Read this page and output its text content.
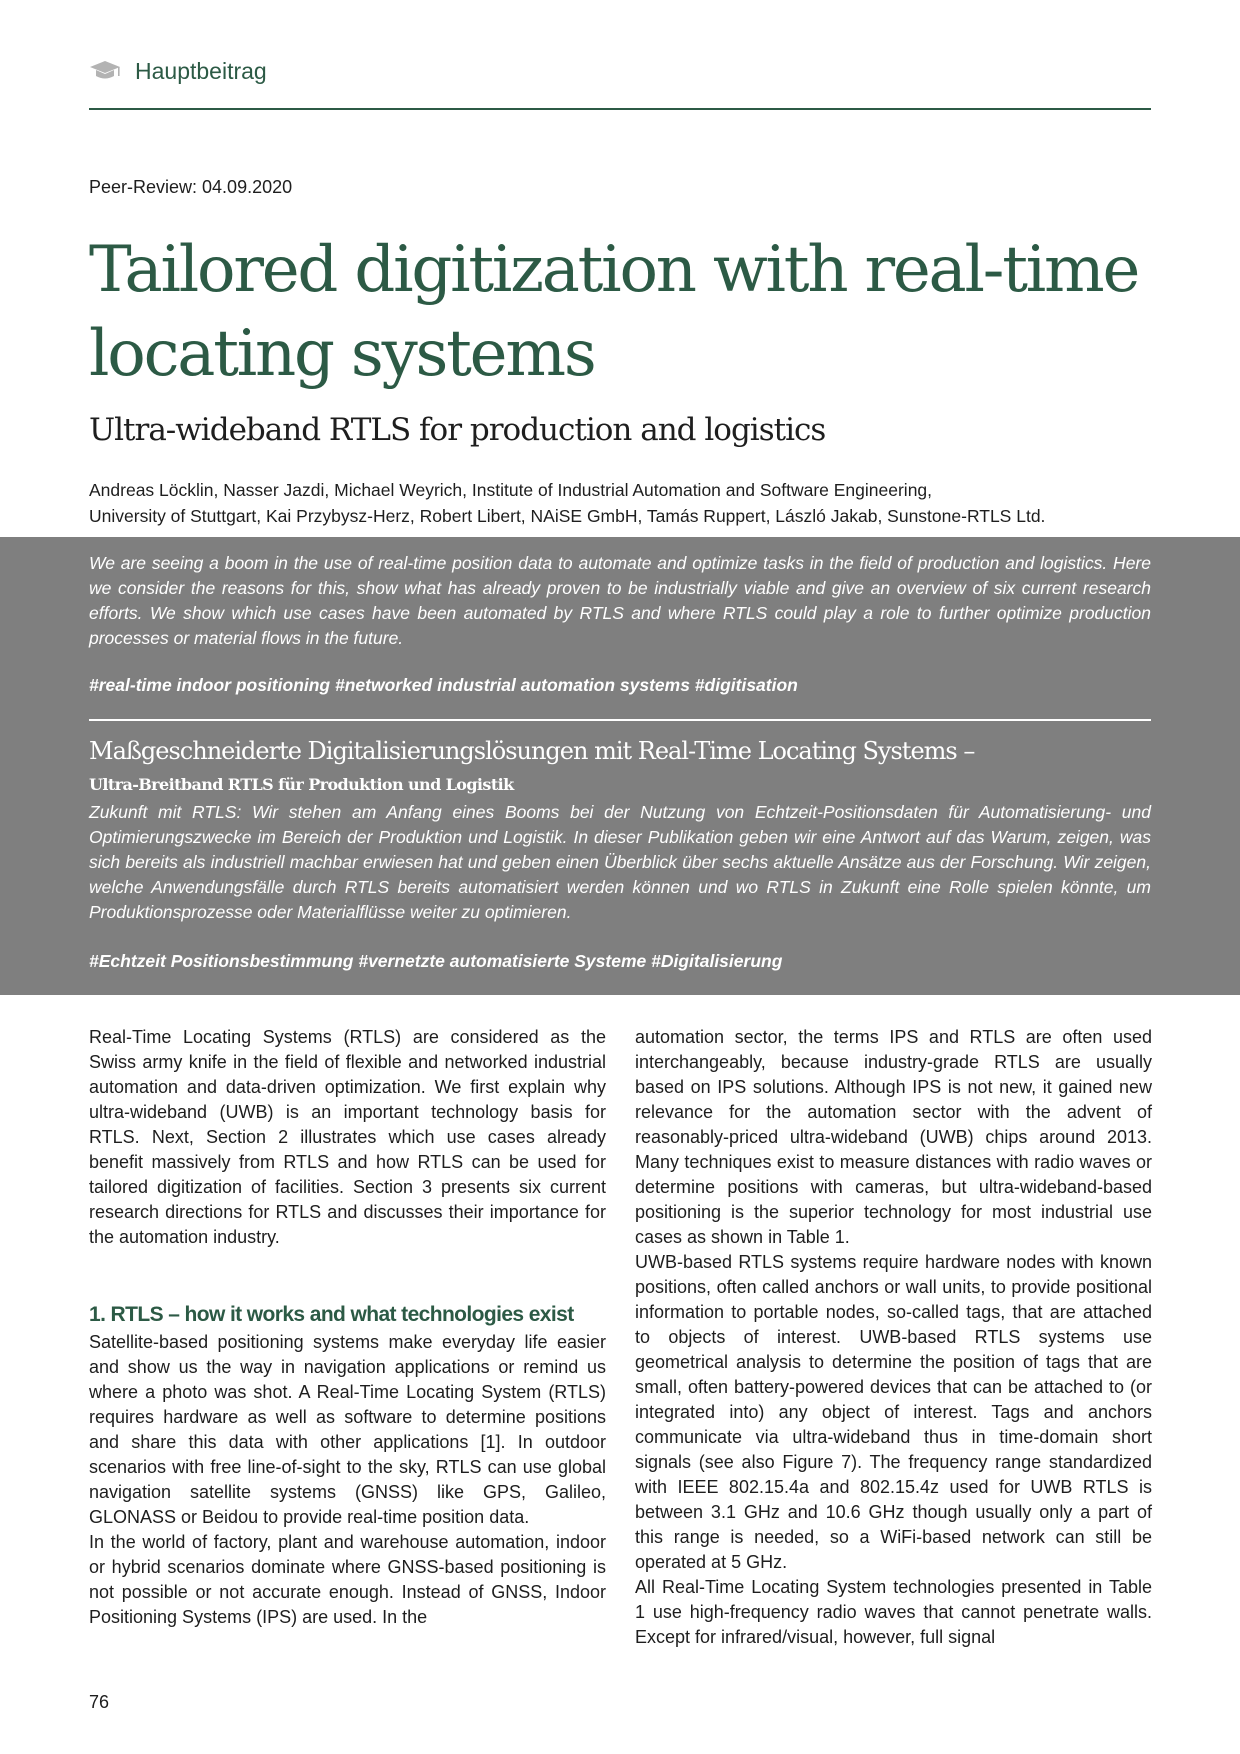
Hauptbeitrag
Peer-Review: 04.09.2020
Tailored digitization with real-time locating systems
Ultra-wideband RTLS for production and logistics
Andreas Löcklin, Nasser Jazdi, Michael Weyrich, Institute of Industrial Automation and Software Engineering,
University of Stuttgart, Kai Przybysz-Herz, Robert Libert, NAiSE GmbH, Tamás Ruppert, László Jakab, Sunstone-RTLS Ltd.

We are seeing a boom in the use of real-time position data to automate and optimize tasks in the field of production and logistics. Here we consider the reasons for this, show what has already proven to be industrially viable and give an overview of six current research efforts. We show which use cases have been automated by RTLS and where RTLS could play a role to further optimize production processes or material flows in the future.

#real-time indoor positioning #networked industrial automation systems #digitisation

Maßgeschneiderte Digitalisierungslösungen mit Real-Time Locating Systems –
Ultra-Breitband RTLS für Produktion und Logistik

Zukunft mit RTLS: Wir stehen am Anfang eines Booms bei der Nutzung von Echtzeit-Positionsdaten für Automatisierung- und Optimierungszwecke im Bereich der Produktion und Logistik. In dieser Publikation geben wir eine Antwort auf das Warum, zeigen, was sich bereits als industriell machbar erwiesen hat und geben einen Überblick über sechs aktuelle Ansätze aus der Forschung. Wir zeigen, welche Anwendungsfälle durch RTLS bereits automatisiert werden können und wo RTLS in Zukunft eine Rolle spielen könnte, um Produktionsprozesse oder Materialflüsse weiter zu optimieren.

#Echtzeit Positionsbestimmung #vernetzte automatisierte Systeme #Digitalisierung

Real-Time Locating Systems (RTLS) are considered as the Swiss army knife in the field of flexible and networked industrial automation and data-driven optimization. We first explain why ultra-wideband (UWB) is an important technology basis for RTLS. Next, Section 2 illustrates which use cases already benefit massively from RTLS and how RTLS can be used for tailored digitization of facilities. Section 3 presents six current research directions for RTLS and discusses their importance for the automation industry.

1. RTLS – how it works and what technologies exist

Satellite-based positioning systems make everyday life easier and show us the way in navigation applications or remind us where a photo was shot. A Real-Time Locating System (RTLS) requires hardware as well as software to determine positions and share this data with other applications [1]. In outdoor scenarios with free line-of-sight to the sky, RTLS can use global navigation satellite systems (GNSS) like GPS, Galileo, GLONASS or Beidou to provide real-time position data.

In the world of factory, plant and warehouse automation, indoor or hybrid scenarios dominate where GNSS-based positioning is not possible or not accurate enough. Instead of GNSS, Indoor Positioning Systems (IPS) are used. In the

automation sector, the terms IPS and RTLS are often used interchangeably, because industry-grade RTLS are usually based on IPS solutions. Although IPS is not new, it gained new relevance for the automation sector with the advent of reasonably-priced ultra-wideband (UWB) chips around 2013. Many techniques exist to measure distances with radio waves or determine positions with cameras, but ultra-wideband-based positioning is the superior technology for most industrial use cases as shown in Table 1.

UWB-based RTLS systems require hardware nodes with known positions, often called anchors or wall units, to provide positional information to portable nodes, so-called tags, that are attached to objects of interest. UWB-based RTLS systems use geometrical analysis to determine the position of tags that are small, often battery-powered devices that can be attached to (or integrated into) any object of interest. Tags and anchors communicate via ultra-wideband thus in time-domain short signals (see also Figure 7). The frequency range standardized with IEEE 802.15.4a and 802.15.4z used for UWB RTLS is between 3.1 GHz and 10.6 GHz though usually only a part of this range is needed, so a WiFi-based network can still be operated at 5 GHz.

All Real-Time Locating System technologies presented in Table 1 use high-frequency radio waves that cannot penetrate walls. Except for infrared/visual, however, full signal

76
